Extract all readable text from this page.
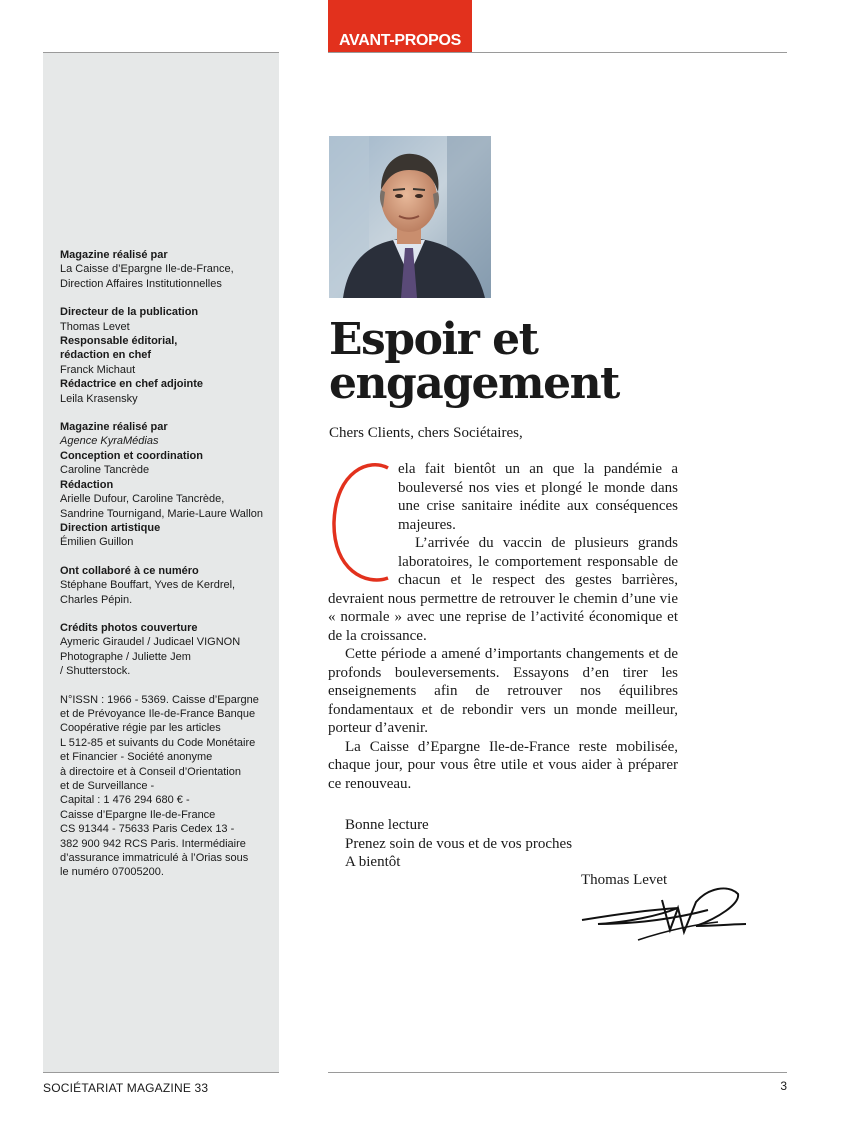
AVANT-PROPOS
Magazine réalisé par
La Caisse d’Epargne Ile-de-France,
Direction Affaires Institutionnelles
Directeur de la publication
Thomas Levet
Responsable éditorial,
rédaction en chef
Franck Michaut
Rédactrice en chef adjointe
Leila Krasensky
Magazine réalisé par
Agence KyraMédias
Conception et coordination
Caroline Tancrède
Rédaction
Arielle Dufour, Caroline Tancrède,
Sandrine Tournigand, Marie-Laure Wallon
Direction artistique
Émilien Guillon
Ont collaboré à ce numéro
Stéphane Bouffart, Yves de Kerdrel,
Charles Pépin.
Crédits photos couverture
Aymeric Giraudel / Judicael VIGNON
Photographe / Juliette Jem
/ Shutterstock.
N°ISSN : 1966 - 5369. Caisse d’Epargne
et de Prévoyance Ile-de-France Banque
Coopérative régie par les articles
L 512-85 et suivants du Code Monétaire
et Financier - Société anonyme
à directoire et à Conseil d’Orientation
et de Surveillance -
Capital : 1 476 294 680 € -
Caisse d’Epargne Ile-de-France
CS 91344 - 75633 Paris Cedex 13 -
382 900 942 RCS Paris. Intermédiaire
d’assurance immatriculé à l’Orias sous
le numéro 07005200.
Espoir et
engagement
Chers Clients, chers Sociétaires,

ela fait bientôt un an que la pandémie a bouleversé nos vies et plongé le monde dans une crise sanitaire inédite aux conséquences majeures.

L’arrivée du vaccin de plusieurs grands laboratoires, le comportement responsable de chacun et le respect des gestes barrières, devraient nous permettre de retrouver le chemin d’une vie « normale » avec une reprise de l’activité économique et de la croissance.

Cette période a amené d’importants changements et de profonds bouleversements. Essayons d’en tirer les enseignements afin de retrouver nos équilibres fondamentaux et de rebondir vers un monde meilleur, porteur d’avenir.

La Caisse d’Epargne Ile-de-France reste mobilisée, chaque jour, pour vous être utile et vous aider à préparer ce renouveau.

Bonne lecture
Prenez soin de vous et de vos proches
A bientôt
Thomas Levet
SOCIÉTARIAT MAGAZINE 33	3
